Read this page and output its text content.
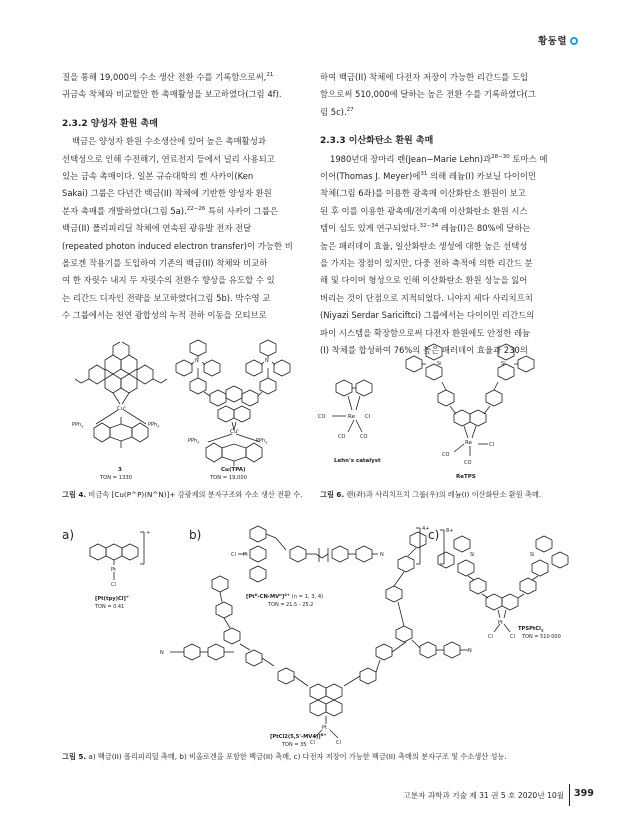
황동렬

질을 통해 19,000의 수소 생산 전환 수를 기록함으로써,$^{21}$

귀금속 착체와 비교할만 한 촉매활성을 보고하였다(그림 4f).

2.3.2 양성자 환원 촉매

백금은 양성자 환원 수소생산에 있어 높은 촉매활성과

선택성으로 인해 수전해기, 연료전지 등에서 널리 사용되고

있는 금속 촉매이다. 일본 규슈대학의 켄 사카이(Ken

Sakai) 그룹은 다년간 백금(II) 착체에 기반한 양성자 환원

분자 촉매를 개발하였다(그림 5a).$^{22-26}$ 특히 사카이 그룹은

백금(II) 폴리피리딜 착체에 연속된 광유발 전자 전달

(repeated photon induced electron transfer)이 가능한 비

올로겐 작용기를 도입하여 기존의 백금(II) 착체와 비교하

여 한 자릿수 내지 두 자릿수의 전환수 향상을 유도할 수 있

는 리간드 디자인 전략을 보고하였다(그림 5b). 박수영 교

수 그룹에서는 천연 광합성의 누적 전하 이동을 모티브로

하여 백금(II) 착체에 다전자 저장이 가능한 리간드를 도입

함으로써 510,000에 달하는 높은 전환 수를 기록하였다(그

림 5c).$^{27}$

2.3.3 이산화탄소 환원 촉매

1980년대 장마리 렌(Jean−Marie Lehn)과$^{28-30}$ 토마스 메

이어(Thomas J. Meyer)에$^{31}$ 의해 레늄(I) 카보닐 다이이민

착체(그림 6좌)를 이용한 광촉매 이산화탄소 환원이 보고

된 후 이를 이용한 광촉매/전기촉매 이산화탄소 환원 시스

템이 심도 있게 연구되었다.$^{32-34}$ 레늄(I)은 80%에 달하는

높은 패러데이 효율, 일산화탄소 생성에 대한 높은 선택성

을 가지는 장점이 있지만, 다중 전하 축적에 의한 리간드 분

해 및 다이머 형성으로 인해 이산화탄소 환원 성능을 잃어

버리는 것이 단점으로 지적되었다. 니야지 세다 사리치프치

(Niyazi Serdar Sariciftci) 그룹에서는 다이이민 리간드의

파이 시스템을 확장함으로써 다전자 환원에도 안정한 레늄

(I) 착체를 합성하여 76%의 높은 패러데이 효율과 230의

$Cu^I$
PPh$_2$	PPh$_2$
3
TON = 1330
N	N
$Cu^I$
PPh$_2$	PPh$_2$
Cu(TPA)
TON = 19,000
그림 4. 비금속 [Cu(P^P)(N^N)]+ 감광제의 분자구조와 수소 생산 전환 수.
Re Cl
CO
CO	CO
Lehn's catalyst
Si	Si
Re	Cl
CO
CO
ReTPS
그림 6. 렌(좌)과 사리치프치 그룹(우)의 레늄(I) 이산화탄소 환원 촉매.
a)	b)	c)
+
Pt
Cl
[Pt(tpy)Cl]+
TON = 0.41
Cl Pt	N
4+
$[Pt^{II}-CN-MV^n]^{4+}$ (n = 1, 3, 4)
TON = 21.5 - 25.2
Pt
Cl	Cl
8+
N	N
Si	Si
Pt
Cl	Cl
TPSPtCl$_2$
TON = 510 000
[PtCl2(5,5'-MV4)]$^{8+}$
TON = 35
그림 5. a) 백금(II) 폴리피리딜 촉매, b) 비올로겐을 포함한 백금(II) 촉매, c) 다전자 저장이 가능한 백금(II) 촉매의 분자구조 및 수소생산 성능.
고분자 과학과 기술 제 31 권 5 호 2020년 10월 399
